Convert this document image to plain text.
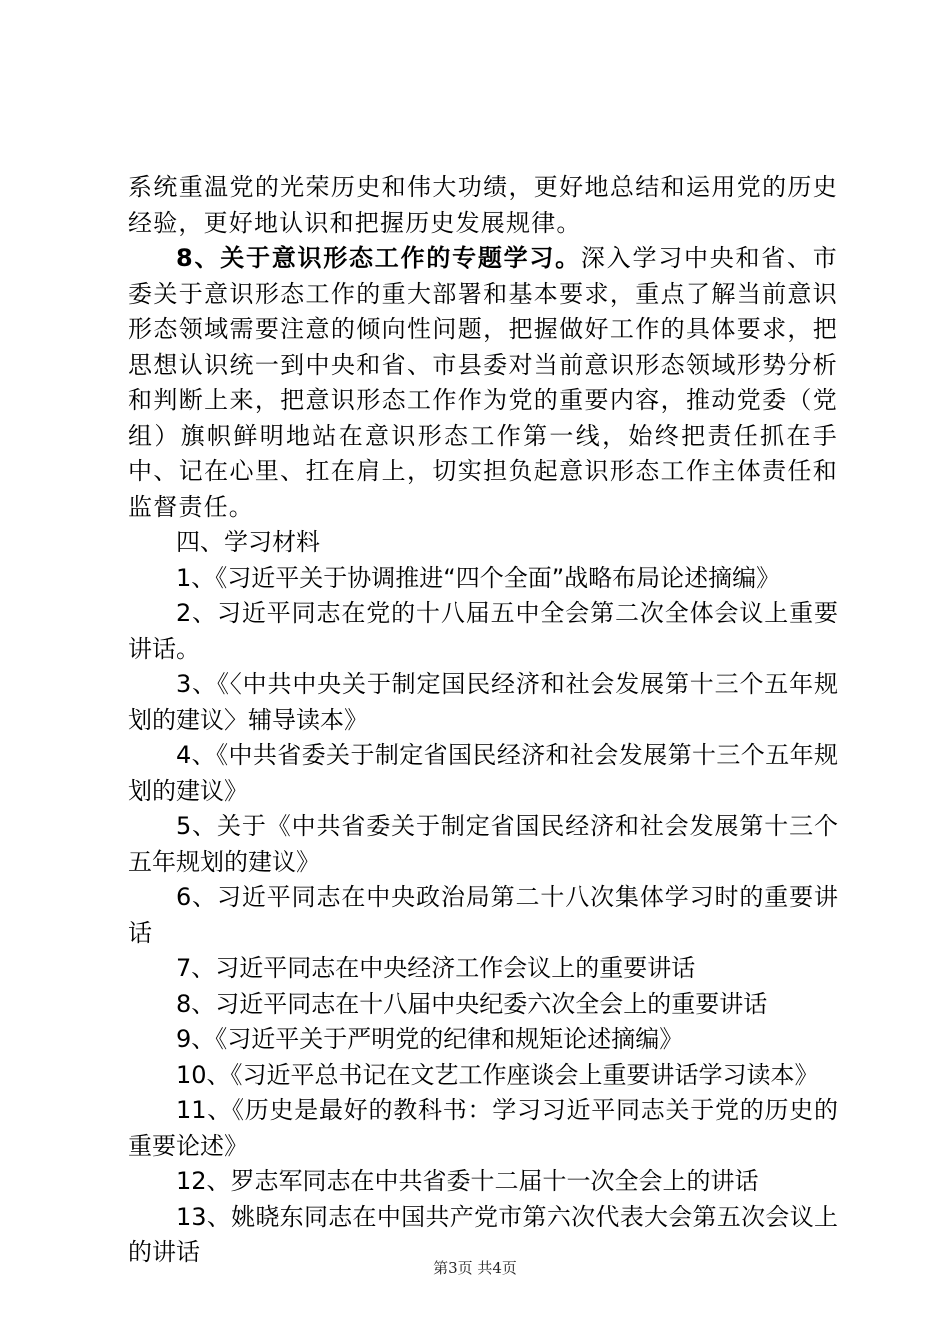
系统重温党的光荣历史和伟大功绩，更好地总结和运用党的历史经验，更好地认识和把握历史发展规律。

8、关于意识形态工作的专题学习。深入学习中央和省、市委关于意识形态工作的重大部署和基本要求，重点了解当前意识形态领域需要注意的倾向性问题，把握做好工作的具体要求，把思想认识统一到中央和省、市县委对当前意识形态领域形势分析和判断上来，把意识形态工作作为党的重要内容，推动党委（党组）旗帜鲜明地站在意识形态工作第一线，始终把责任抓在手中、记在心里、扛在肩上，切实担负起意识形态工作主体责任和监督责任。

四、学习材料

1、《习近平关于协调推进“四个全面”战略布局论述摘编》

2、习近平同志在党的十八届五中全会第二次全体会议上重要讲话。

3、《〈中共中央关于制定国民经济和社会发展第十三个五年规划的建议〉辅导读本》

4、《中共省委关于制定省国民经济和社会发展第十三个五年规划的建议》

5、关于《中共省委关于制定省国民经济和社会发展第十三个五年规划的建议》

6、习近平同志在中央政治局第二十八次集体学习时的重要讲话

7、习近平同志在中央经济工作会议上的重要讲话

8、习近平同志在十八届中央纪委六次全会上的重要讲话

9、《习近平关于严明党的纪律和规矩论述摘编》

10、《习近平总书记在文艺工作座谈会上重要讲话学习读本》

11、《历史是最好的教科书：学习习近平同志关于党的历史的重要论述》

12、罗志军同志在中共省委十二届十一次全会上的讲话

13、姚晓东同志在中国共产党市第六次代表大会第五次会议上的讲话

第3页 共4页
